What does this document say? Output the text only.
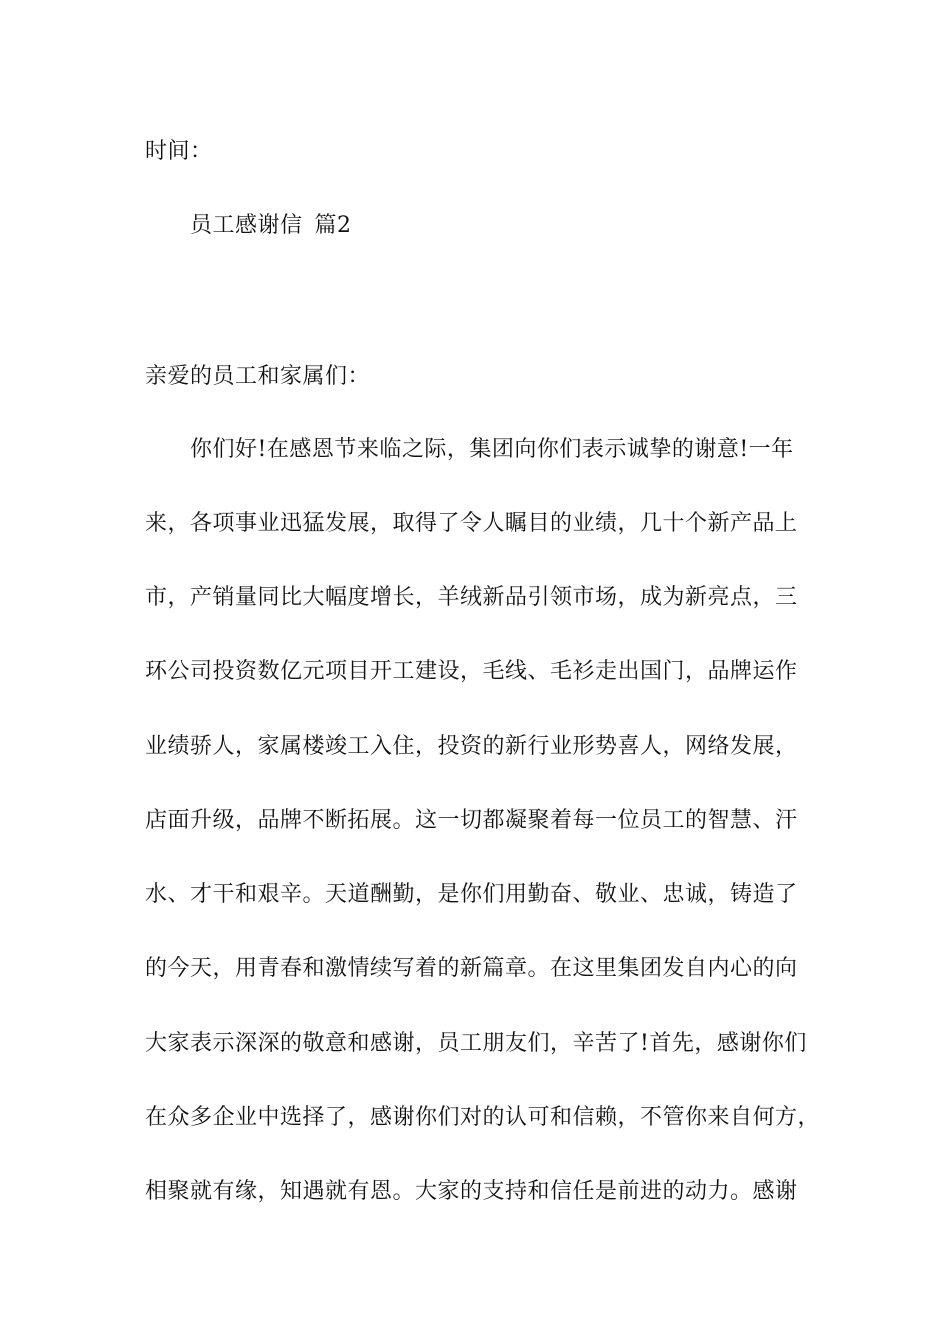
时间：
员工感谢信 篇2
亲爱的员工和家属们：
你们好!在感恩节来临之际，集团向你们表示诚挚的谢意!一年
来，各项事业迅猛发展，取得了令人瞩目的业绩，几十个新产品上
市，产销量同比大幅度增长，羊绒新品引领市场，成为新亮点，三
环公司投资数亿元项目开工建设，毛线、毛衫走出国门，品牌运作
业绩骄人，家属楼竣工入住，投资的新行业形势喜人，网络发展，
店面升级，品牌不断拓展。这一切都凝聚着每一位员工的智慧、汗
水、才干和艰辛。天道酬勤，是你们用勤奋、敬业、忠诚，铸造了
的今天，用青春和激情续写着的新篇章。在这里集团发自内心的向
大家表示深深的敬意和感谢，员工朋友们，辛苦了!首先，感谢你们
在众多企业中选择了，感谢你们对的认可和信赖，不管你来自何方，
相聚就有缘，知遇就有恩。大家的支持和信任是前进的动力。感谢
